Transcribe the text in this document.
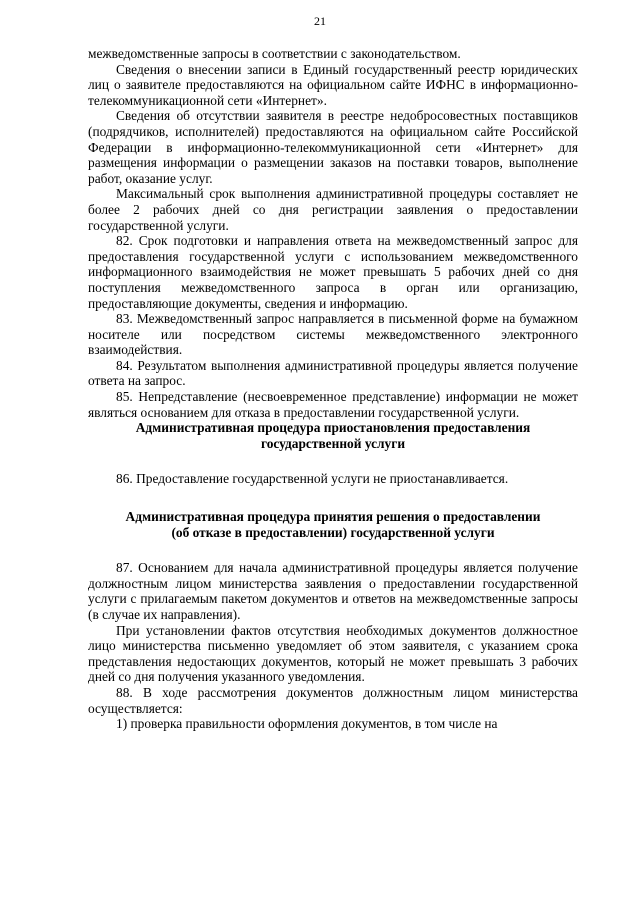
21

межведомственные запросы в соответствии с законодательством.

Сведения о внесении записи в Единый государственный реестр юридических лиц о заявителе предоставляются на официальном сайте ИФНС в информационно-телекоммуникационной сети «Интернет».

Сведения об отсутствии заявителя в реестре недобросовестных поставщиков (подрядчиков, исполнителей) предоставляются на официальном сайте Российской Федерации в информационно-телекоммуникационной сети «Интернет» для размещения информации о размещении заказов на поставки товаров, выполнение работ, оказание услуг.

Максимальный срок выполнения административной процедуры составляет не более 2 рабочих дней со дня регистрации заявления о предоставлении государственной услуги.

82. Срок подготовки и направления ответа на межведомственный запрос для предоставления государственной услуги с использованием межведомственного информационного взаимодействия не может превышать 5 рабочих дней со дня поступления межведомственного запроса в орган или организацию, предоставляющие документы, сведения и информацию.

83. Межведомственный запрос направляется в письменной форме на бумажном носителе или посредством системы межведомственного электронного взаимодействия.

84. Результатом выполнения административной процедуры является получение ответа на запрос.

85. Непредставление (несвоевременное представление) информации не может являться основанием для отказа в предоставлении государственной услуги.

Административная процедура приостановления предоставления государственной услуги

86. Предоставление государственной услуги не приостанавливается.

Административная процедура принятия решения о предоставлении (об отказе в предоставлении) государственной услуги

87. Основанием для начала административной процедуры является получение должностным лицом министерства заявления о предоставлении государственной услуги с прилагаемым пакетом документов и ответов на межведомственные запросы (в случае их направления).

При установлении фактов отсутствия необходимых документов должностное лицо министерства письменно уведомляет об этом заявителя, с указанием срока представления недостающих документов, который не может превышать 3 рабочих дней со дня получения указанного уведомления.

88. В ходе рассмотрения документов должностным лицом министерства осуществляется:

1) проверка правильности оформления документов, в том числе на
